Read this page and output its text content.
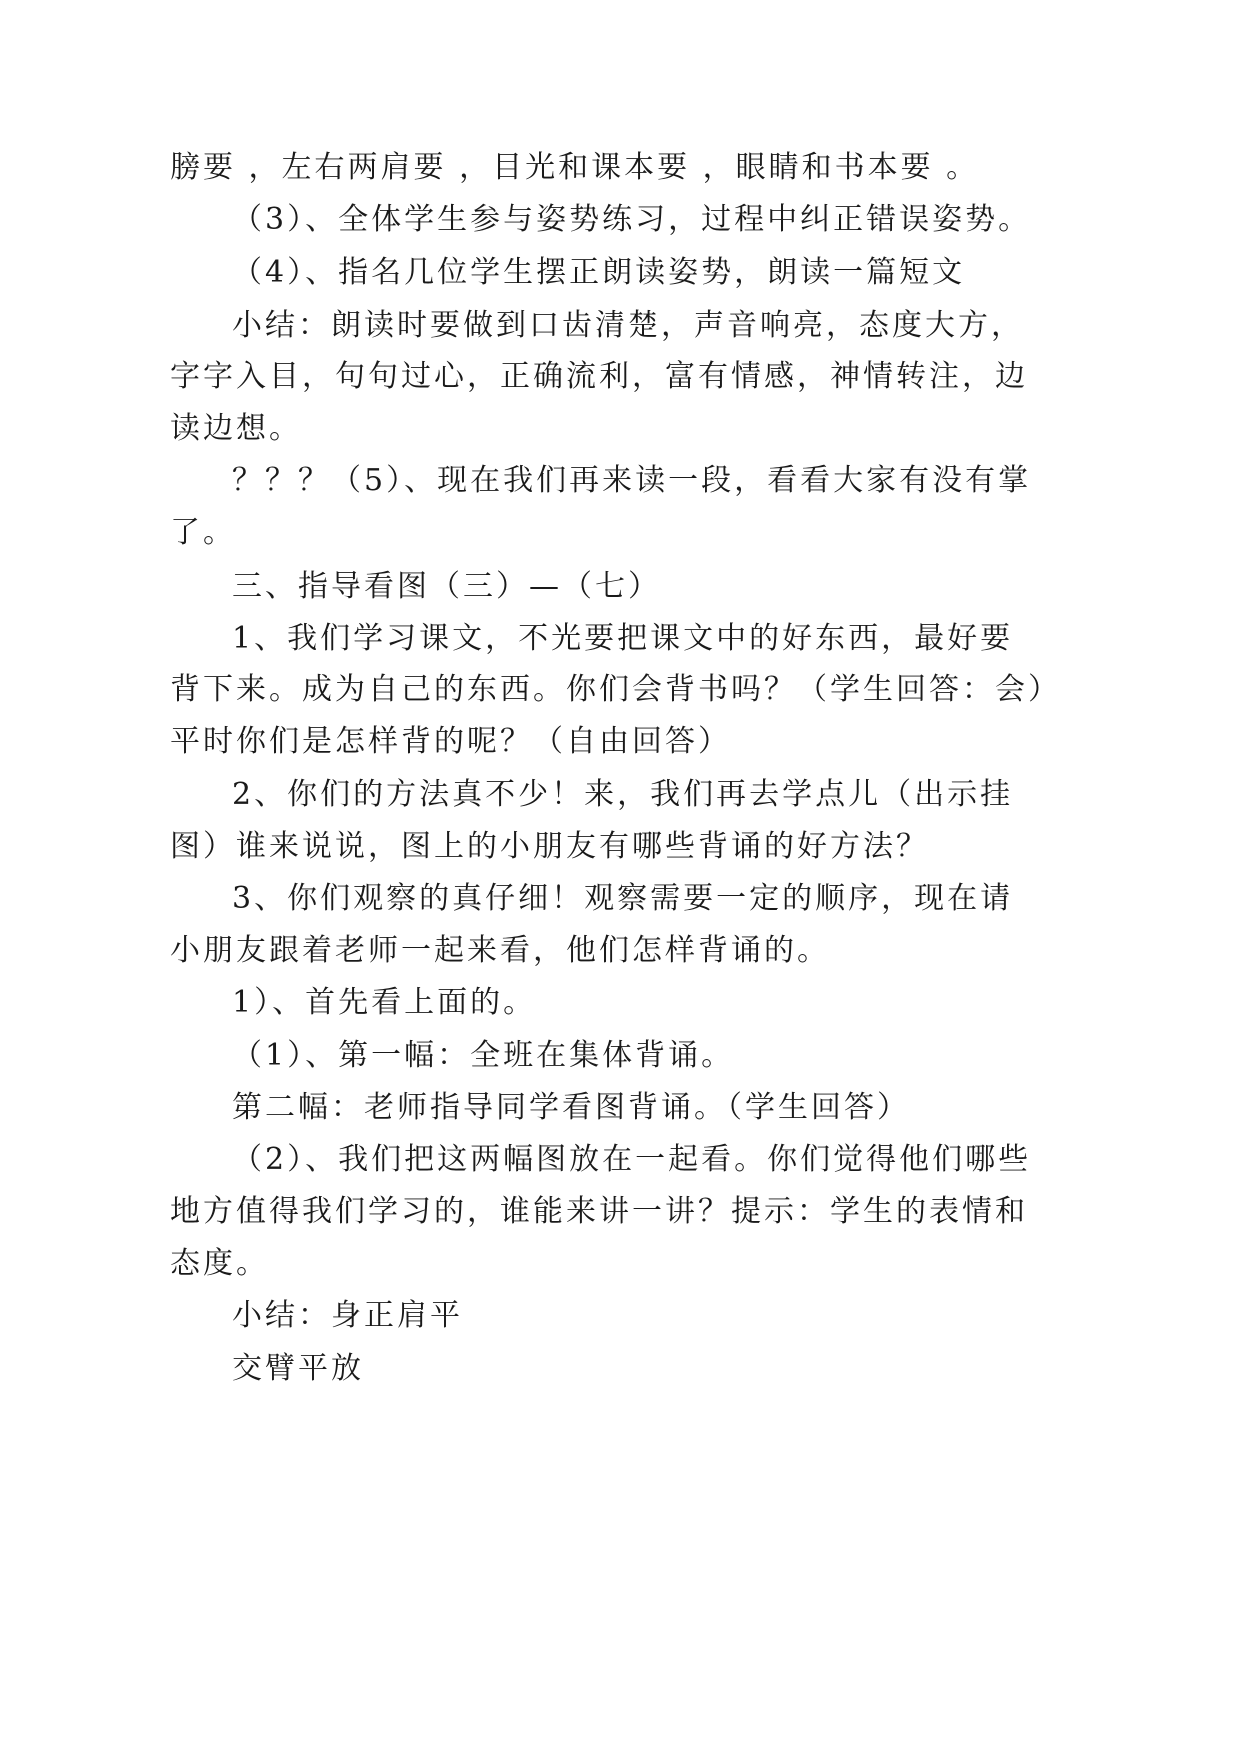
膀要 ，左右两肩要 ，目光和课本要 ，眼睛和书本要 。
（3）、全体学生参与姿势练习，过程中纠正错误姿势。
（4）、指名几位学生摆正朗读姿势，朗读一篇短文
小结：朗读时要做到口齿清楚，声音响亮，态度大方，
字字入目，句句过心，正确流利，富有情感，神情转注，边
读边想。
？？？（5）、现在我们再来读一段，看看大家有没有掌
了。
三、指导看图（三）—（七）
1、我们学习课文，不光要把课文中的好东西，最好要
背下来。成为自己的东西。你们会背书吗？（学生回答：会）
平时你们是怎样背的呢？（自由回答）
2、你们的方法真不少！来，我们再去学点儿（出示挂
图）谁来说说，图上的小朋友有哪些背诵的好方法？
3、你们观察的真仔细！观察需要一定的顺序，现在请
小朋友跟着老师一起来看，他们怎样背诵的。
1）、首先看上面的。
（1）、第一幅：全班在集体背诵。
第二幅：老师指导同学看图背诵。（学生回答）
（2）、我们把这两幅图放在一起看。你们觉得他们哪些
地方值得我们学习的，谁能来讲一讲？提示：学生的表情和
态度。
小结：身正肩平
交臂平放
